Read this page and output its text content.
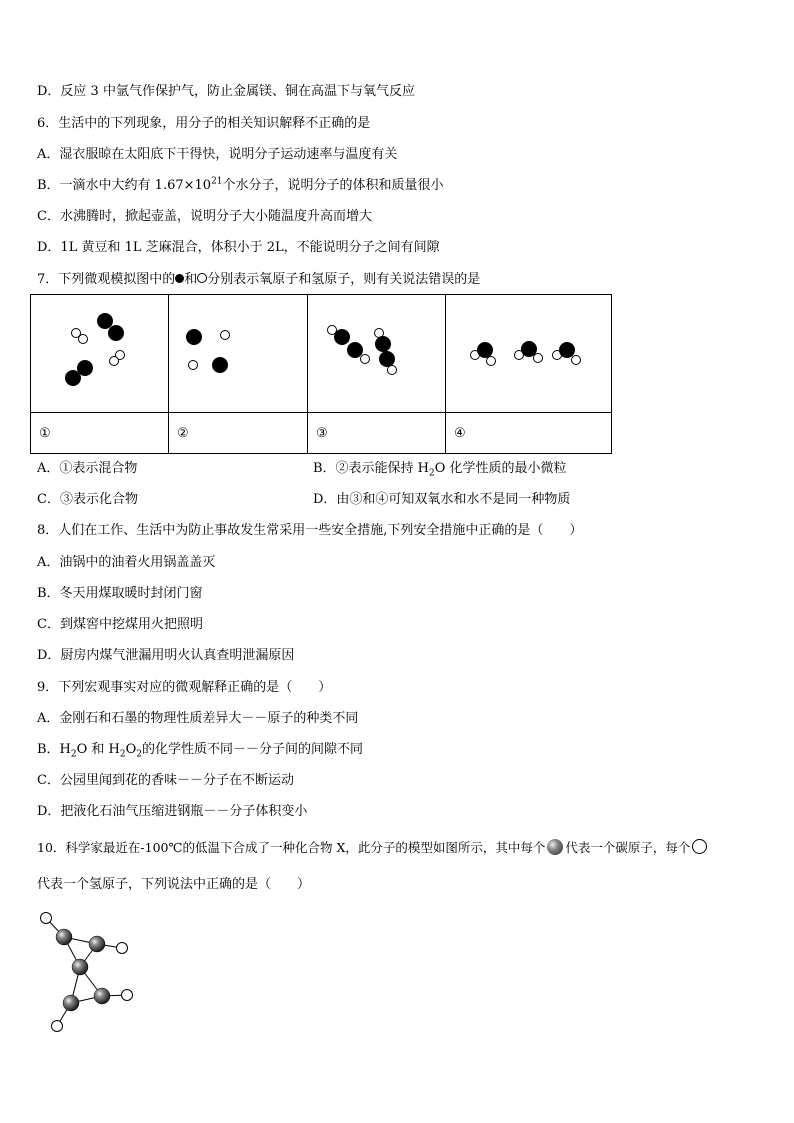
D．反应 3 中氩气作保护气，防止金属镁、铜在高温下与氧气反应
6．生活中的下列现象，用分子的相关知识解释不正确的是
A．湿衣服晾在太阳底下干得快，说明分子运动速率与温度有关
B．一滴水中大约有 $1.67\times 10^{21}$个水分子，说明分子的体积和质量很小
C．水沸腾时，掀起壶盖，说明分子大小随温度升高而增大
D．1L 黄豆和 1L 芝麻混合，体积小于 2L，不能说明分子之间有间隙
7．下列微观模拟图中的 和 分别表示氧原子和氢原子，则有关说法错误的是

①	②	③	④
A．①表示混合物	B．②表示能保持 $H_2O$ 化学性质的最小微粒
C．③表示化合物	D．由③和④可知双氧水和水不是同一种物质
8．人们在工作、生活中为防止事故发生常采用一些安全措施,下列安全措施中正确的是（　　）
A．油锅中的油着火用锅盖盖灭
B．冬天用煤取暖时封闭门窗
C．到煤窖中挖煤用火把照明
D．厨房内煤气泄漏用明火认真查明泄漏原因
9．下列宏观事实对应的微观解释正确的是（　　）
A．金刚石和石墨的物理性质差异大－－原子的种类不同
B．$H_2O$ 和 $H_2O_2$的化学性质不同－－分子间的间隙不同
C．公园里闻到花的香味－－分子在不断运动
D．把液化石油气压缩进钢瓶－－分子体积变小
10．科学家最近在-100℃的低温下合成了一种化合物 X，此分子的模型如图所示，其中每个 代表一个碳原子，每个
代表一个氢原子，下列说法中正确的是（　　）
